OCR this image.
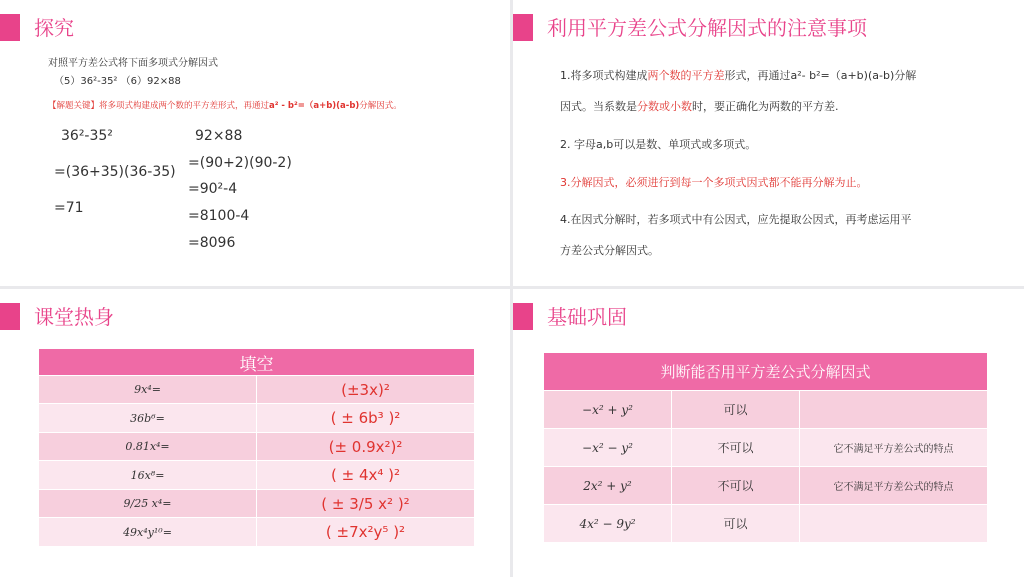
探究
对照平方差公式将下面多项式分解因式
（5）36²-35² （6）92×88
【解题关键】将多项式构建成两个数的平方差形式，再通过a² - b²=（a+b)(a-b)分解因式。
36²-35²
=(36+35)(36-35)
=71
92×88
=(90+2)(90-2)
=90²-4
=8100-4
=8096
利用平方差公式分解因式的注意事项
1.将多项式构建成两个数的平方差形式，再通过a²- b²=（a+b)(a-b)分解
因式。当系数是分数或小数时，要正确化为两数的平方差.
2. 字母a,b可以是数、单项式或多项式。
3.分解因式，必须进行到每一个多项式因式都不能再分解为止。
4.在因式分解时，若多项式中有公因式，应先提取公因式，再考虑运用平
方差公式分解因式。
课堂热身
填空	
9x⁴=	(±3x)²
36b⁶=	( ± 6b³ )²
0.81x⁴=	(± 0.9x²)²
16x⁸=	( ± 4x⁴ )²
9/25 x⁴=	( ± 3/5 x² )²
49x⁴y¹⁰=	( ±7x²y⁵ )²
基础巩固
判断能否用平方差公式分解因式		
−x² + y²	可以	
−x² − y²	不可以	它不满足平方差公式的特点
2x² + y²	不可以	它不满足平方差公式的特点
4x² − 9y²	可以	
